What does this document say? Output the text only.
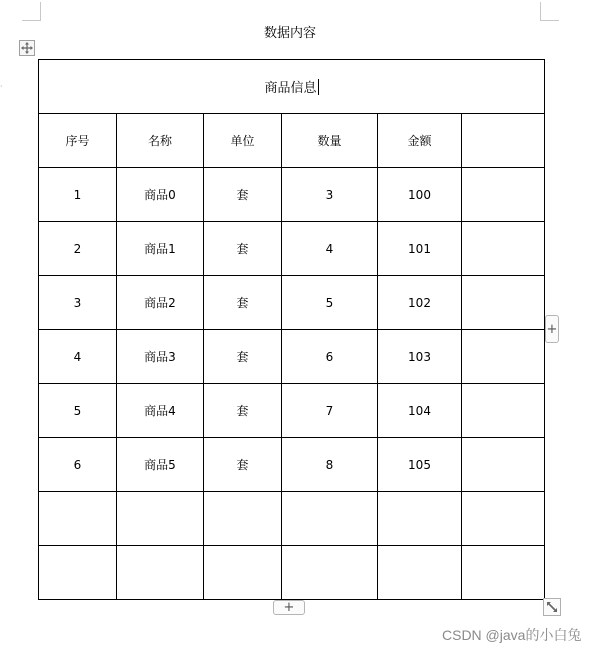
·
数据内容
商品信息					
序号	名称	单位	数量	金额	
1	商品0	套	3	100	
2	商品1	套	4	101	
3	商品2	套	5	102	
4	商品3	套	6	103	
5	商品4	套	7	104	
6	商品5	套	8	105	

+
+
CSDN @java的小白兔
